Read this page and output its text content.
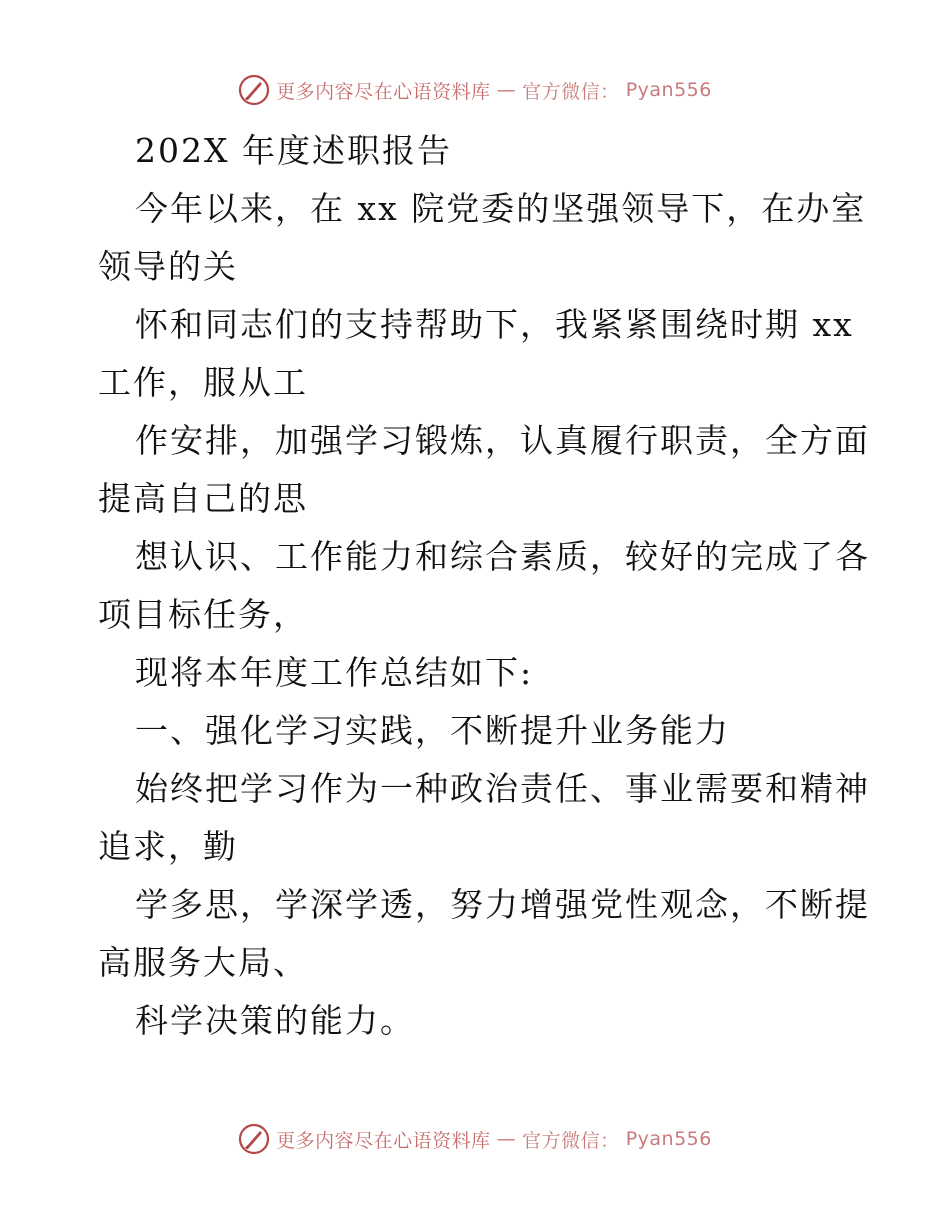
更多内容尽在心语资料库 — 官方微信： Pyan556
202X 年度述职报告
今年以来，在 xx 院党委的坚强领导下，在办室
领导的关
怀和同志们的支持帮助下，我紧紧围绕时期 xx
工作，服从工
作安排，加强学习锻炼，认真履行职责，全方面
提高自己的思
想认识、工作能力和综合素质，较好的完成了各
项目标任务，
现将本年度工作总结如下:
一、强化学习实践，不断提升业务能力
始终把学习作为一种政治责任、事业需要和精神
追求，勤
学多思，学深学透，努力增强党性观念，不断提
高服务大局、
科学决策的能力。
更多内容尽在心语资料库 — 官方微信： Pyan556
